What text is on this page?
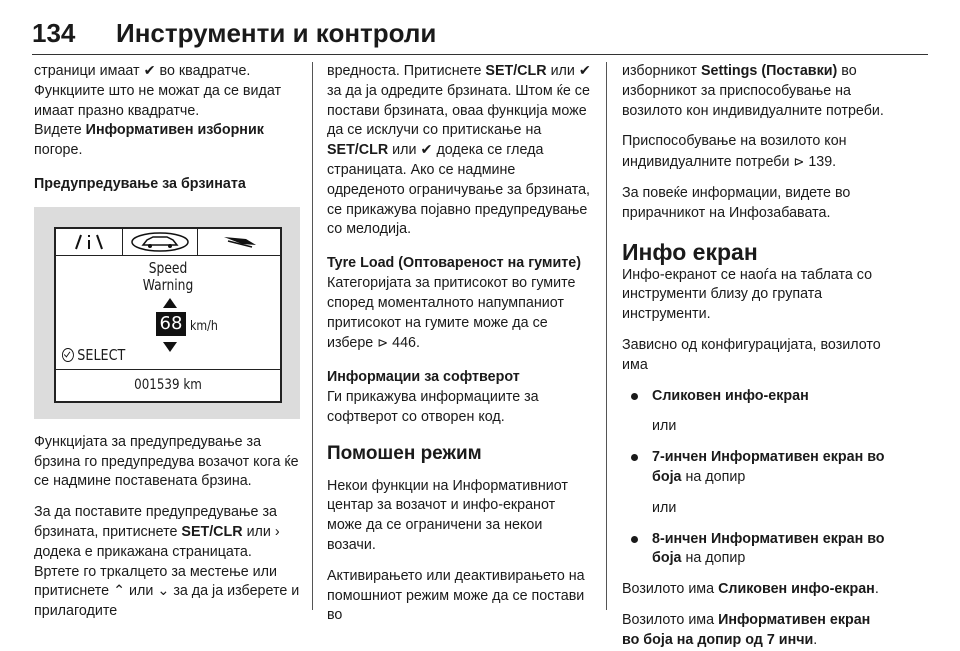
134 Инструменти и контроли

страници имаат ✔ во квадратче.

Функциите што не можат да се видат имаат празно квадратче.

Видете Информативен изборник погоре.

Предупредување за брзината

Speed
Warning
68 km/h
SELECT
001539 km

Функцијата за предупредување за брзина го предупредува возачот кога ќе се надмине поставената брзина.

За да поставите предупредување за брзината, притиснете SET/CLR или › додека е прикажана страницата. Вртете го тркалцето за местење или притиснете ⌃ или ⌄ за да ја изберете и прилагодите

вредноста. Притиснете SET/CLR или ✔ за да ја одредите брзината. Штом ќе се постави брзината, оваа функција може да се исклучи со притискање на SET/CLR или ✔ додека се гледа страницата. Ако се надмине одреденото ограничување за брзината, се прикажува појавно предупредување со мелодија.

Tyre Load (Оптовареност на гумите)

Категоријата за притисокот во гумите според моменталното напумпаниот притисокот на гумите може да се избере ⊳ 446.

Информации за софтверот

Ги прикажува информациите за софтверот со отворен код.

Помошен режим

Некои функции на Информативниот центар за возачот и инфо-екранот може да се ограничени за некои возачи.

Активирањето или деактивирањето на помошниот режим може да се постави во

изборникот Settings (Поставки) во изборникот за приспособување на возилото кон индивидуалните потреби.

Приспособување на возилото кон индивидуалните потреби ⊳ 139.

За повеќе информации, видете во прирачникот на Инфозабавата.

Инфо екран

Инфо-екранот се наоѓа на таблата со инструменти близу до групата инструменти.

Зависно од конфигурацијата, возилото има

Сликовен инфо-екран

или

7-инчен Информативен екран во боја на допир

или

8-инчен Информативен екран во боја на допир

Возилото има Сликовен инфо-екран.

Возилото има Информативен екран во боја на допир од 7 инчи.
